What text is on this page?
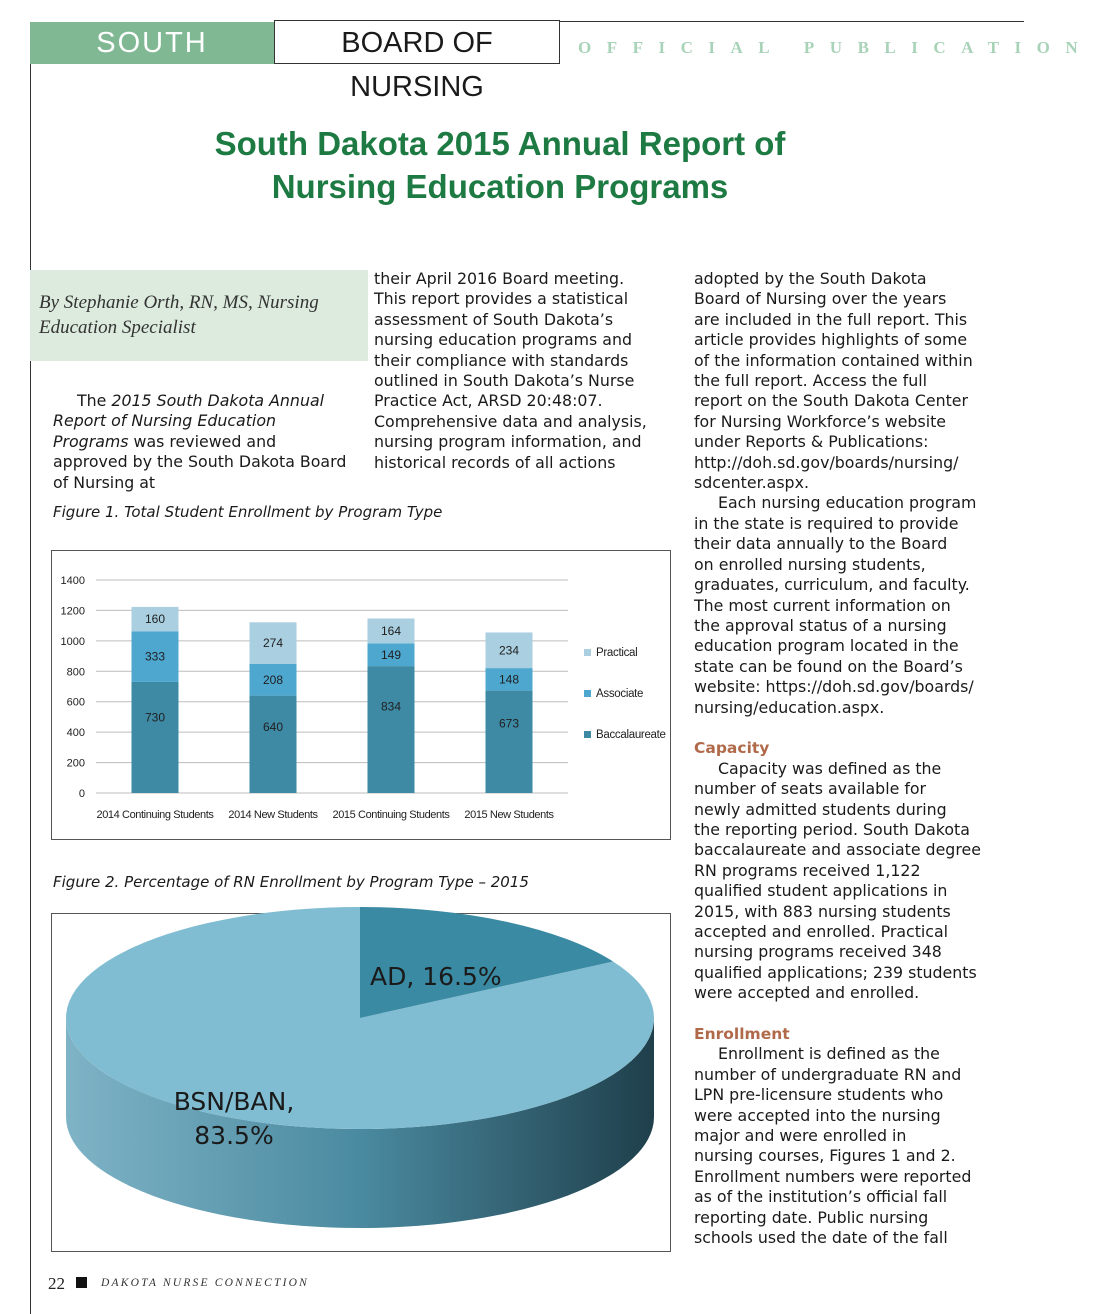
SOUTH DAKOTA
BOARD OF NURSING
OFFICIAL PUBLICATION
South Dakota 2015 Annual Report of
Nursing Education Programs
By Stephanie Orth, RN, MS, Nursing Education Specialist

The 2015 South Dakota Annual Report of Nursing Education Programs was reviewed and approved by the South Dakota Board of Nursing at

their April 2016 Board meeting.
This report provides a statistical
assessment of South Dakota’s
nursing education programs and
their compliance with standards
outlined in South Dakota’s Nurse
Practice Act, ARSD 20:48:07.
Comprehensive data and analysis,
nursing program information, and
historical records of all actions
adopted by the South Dakota
Board of Nursing over the years
are included in the full report. This
article provides highlights of some
of the information contained within
the full report. Access the full
report on the South Dakota Center
for Nursing Workforce’s website
under Reports & Publications:
http://doh.sd.gov/boards/nursing/
sdcenter.aspx.
Each nursing education program
in the state is required to provide
their data annually to the Board
on enrolled nursing students,
graduates, curriculum, and faculty.
The most current information on
the approval status of a nursing
education program located in the
state can be found on the Board’s
website: https://doh.sd.gov/boards/
nursing/education.aspx.
Capacity
Capacity was defined as the
number of seats available for
newly admitted students during
the reporting period. South Dakota
baccalaureate and associate degree
RN programs received 1,122
qualified student applications in
2015, with 883 nursing students
accepted and enrolled. Practical
nursing programs received 348
qualified applications; 239 students
were accepted and enrolled.
Enrollment
Enrollment is defined as the
number of undergraduate RN and
LPN pre-licensure students who
were accepted into the nursing
major and were enrolled in
nursing courses, Figures 1 and 2.
Enrollment numbers were reported
as of the institution’s official fall
reporting date. Public nursing
schools used the date of the fall
Figure 1. Total Student Enrollment by Program Type
0
200
400
600
800
1000
1200
1400
730
333
160
2014 Continuing Students
640
208
274
2014 New Students
834
149
164
2015 Continuing Students
673
148
234
2015 New Students
Practical
Associate
Baccalaureate
Figure 2. Percentage of RN Enrollment by Program Type – 2015
AD, 16.5%
BSN/BAN,
83.5%
22	DAKOTA NURSE CONNECTION
